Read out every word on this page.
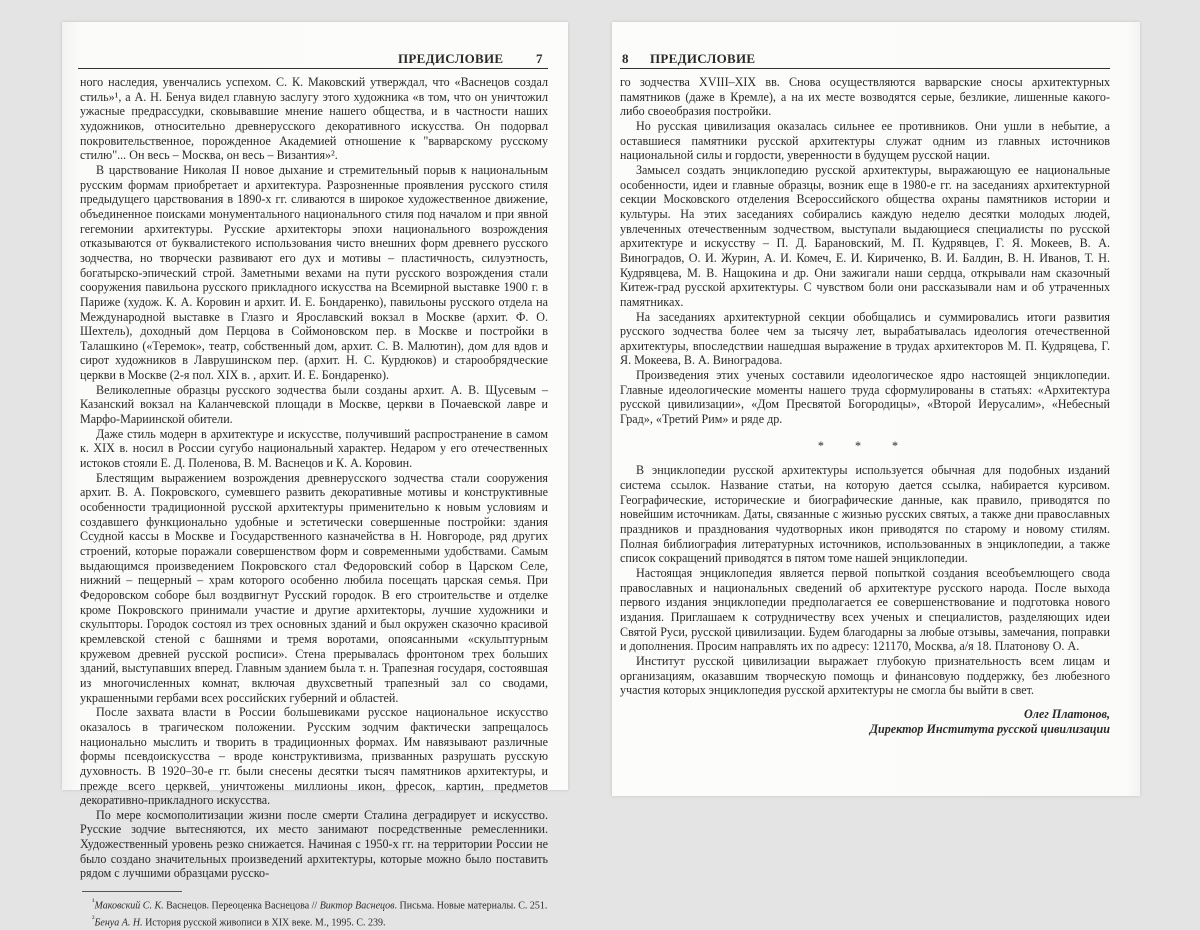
ПРЕДИСЛОВИЕ	7

ного наследия, увенчались успехом. С. К. Маковский утверждал, что «Васнецов создал стиль»¹, а А. Н. Бенуа видел главную заслугу этого художника «в том, что он уничтожил ужасные предрассудки, сковывавшие мнение нашего общества, и в частности наших художников, относительно древнерусского декоративного искусства. Он подорвал покровительственное, порожденное Академией отношение к "варварскому русскому стилю"... Он весь – Москва, он весь – Византия»².

В царствование Николая II новое дыхание и стремительный порыв к национальным русским формам приобретает и архитектура. Разрозненные проявления русского стиля предыдущего царствования в 1890-х гг. сливаются в широкое художественное движение, объединенное поисками монументального национального стиля под началом и при явной гегемонии архитектуры. Русские архитекторы эпохи национального возрождения отказываются от буквалистекого использования чисто внешних форм древнего русского зодчества, но творчески развивают его дух и мотивы – пластичность, силуэтность, богатырско-эпический строй. Заметными вехами на пути русского возрождения стали сооружения павильона русского прикладного искусства на Всемирной выставке 1900 г. в Париже (худож. К. А. Коровин и архит. И. Е. Бондаренко), павильоны русского отдела на Международной выставке в Глазго и Ярославский вокзал в Москве (архит. Ф. О. Шехтель), доходный дом Перцова в Соймоновском пер. в Москве и постройки в Талашкино («Теремок», театр, собственный дом, архит. С. В. Малютин), дом для вдов и сирот художников в Лаврушинском пер. (архит. Н. С. Курдюков) и старообрядческие церкви в Москве (2-я пол. XIX в. , архит. И. Е. Бондаренко).

Великолепные образцы русского зодчества были созданы архит. А. В. Щусевым – Казанский вокзал на Каланчевской площади в Москве, церкви в Почаевской лавре и Марфо-Мариинской обители.

Даже стиль модерн в архитектуре и искусстве, получивший распространение в самом к. XIX в. носил в России сугубо национальный характер. Недаром у его отечественных истоков стояли Е. Д. Поленова, В. М. Васнецов и К. А. Коровин.

Блестящим выражением возрождения древнерусского зодчества стали сооружения архит. В. А. Покровского, сумевшего развить декоративные мотивы и конструктивные особенности традиционной русской архитектуры применительно к новым условиям и создавшего функционально удобные и эстетически совершенные постройки: здания Ссудной кассы в Москве и Государственного казначейства в Н. Новгороде, ряд других строений, которые поражали совершенством форм и современными удобствами. Самым выдающимся произведением Покровского стал Федоровский собор в Царском Селе, нижний – пещерный – храм которого особенно любила посещать царская семья. При Федоровском соборе был воздвигнут Русский городок. В его строительстве и отделке кроме Покровского принимали участие и другие архитекторы, лучшие художники и скульпторы. Городок состоял из трех основных зданий и был окружен сказочно красивой кремлевской стеной с башнями и тремя воротами, опоясанными «скульптурным кружевом древней русской росписи». Стена прерывалась фронтоном трех больших зданий, выступавших вперед. Главным зданием была т. н. Трапезная государя, состоявшая из многочисленных комнат, включая двухсветный трапезный зал со сводами, украшенными гербами всех российских губерний и областей.

После захвата власти в России большевиками русское национальное искусство оказалось в трагическом положении. Русским зодчим фактически запрещалось национально мыслить и творить в традиционных формах. Им навязывают различные формы псевдоискусства – вроде конструктивизма, призванных разрушать русскую духовность. В 1920–30-е гг. были снесены десятки тысяч памятников архитектуры, и прежде всего церквей, уничтожены миллионы икон, фресок, картин, предметов декоративно-прикладного искусства.

По мере космополитизации жизни после смерти Сталина деградирует и искусство. Русские зодчие вытесняются, их место занимают посредственные ремесленники. Художественный уровень резко снижается. Начиная с 1950-х гг. на территории России не было создано значительных произведений архитектуры, которые можно было поставить рядом с лучшими образцами русско-

$^{^1}$Маковский С. К. Васнецов. Переоценка Васнецова // Виктор Васнецов. Письма. Новые материалы. С. 251.
$^{^2}$Бенуа А. Н. История русской живописи в XIX веке. М., 1995. С. 239.
8 ПРЕДИСЛОВИЕ

го зодчества XVIII–XIX вв. Снова осуществляются варварские сносы архитектурных памятников (даже в Кремле), а на их месте возводятся серые, безликие, лишенные какого-либо своеобразия постройки.

Но русская цивилизация оказалась сильнее ее противников. Они ушли в небытие, а оставшиеся памятники русской архитектуры служат одним из главных источников национальной силы и гордости, уверенности в будущем русской нации.

Замысел создать энциклопедию русской архитектуры, выражающую ее национальные особенности, идеи и главные образцы, возник еще в 1980-е гг. на заседаниях архитектурной секции Московского отделения Всероссийского общества охраны памятников истории и культуры. На этих заседаниях собирались каждую неделю десятки молодых людей, увлеченных отечественным зодчеством, выступали выдающиеся специалисты по русской архитектуре и искусству – П. Д. Барановский, М. П. Кудрявцев, Г. Я. Мокеев, В. А. Виноградов, О. И. Журин, А. И. Комеч, Е. И. Кириченко, В. И. Балдин, В. Н. Иванов, Т. Н. Кудрявцева, М. В. Нащокина и др. Они зажигали наши сердца, открывали нам сказочный Китеж-град русской архитектуры. С чувством боли они рассказывали нам и об утраченных памятниках.

На заседаниях архитектурной секции обобщались и суммировались итоги развития русского зодчества более чем за тысячу лет, вырабатывалась идеология отечественной архитектуры, впоследствии нашедшая выражение в трудах архитекторов М. П. Кудряцева, Г. Я. Мокеева, В. А. Виноградова.

Произведения этих ученых составили идеологическое ядро настоящей энциклопедии. Главные идеологические моменты нашего труда сформулированы в статьях: «Архитектура русской цивилизации», «Дом Пресвятой Богородицы», «Второй Иерусалим», «Небесный Град», «Третий Рим» и ряде др.

* * *

В энциклопедии русской архитектуры используется обычная для подобных изданий система ссылок. Название статьи, на которую дается ссылка, набирается курсивом. Географические, исторические и биографические данные, как правило, приводятся по новейшим источникам. Даты, связанные с жизнью русских святых, а также дни православных праздников и празднования чудотворных икон приводятся по старому и новому стилям. Полная библиография литературных источников, использованных в энциклопедии, а также список сокращений приводятся в пятом томе нашей энциклопедии.

Настоящая энциклопедия является первой попыткой создания всеобъемлющего свода православных и национальных сведений об архитектуре русского народа. После выхода первого издания энциклопедии предполагается ее совершенствование и подготовка нового издания. Приглашаем к сотрудничеству всех ученых и специалистов, разделяющих идеи Святой Руси, русской цивилизации. Будем благодарны за любые отзывы, замечания, поправки и дополнения. Просим направлять их по адресу: 121170, Москва, а/я 18. Платонову О. А.

Институт русской цивилизации выражает глубокую признательность всем лицам и организациям, оказавшим творческую помощь и финансовую поддержку, без любезного участия которых энциклопедия русской архитектуры не смогла бы выйти в свет.

Олег Платонов,

Директор Института русской цивилизации
